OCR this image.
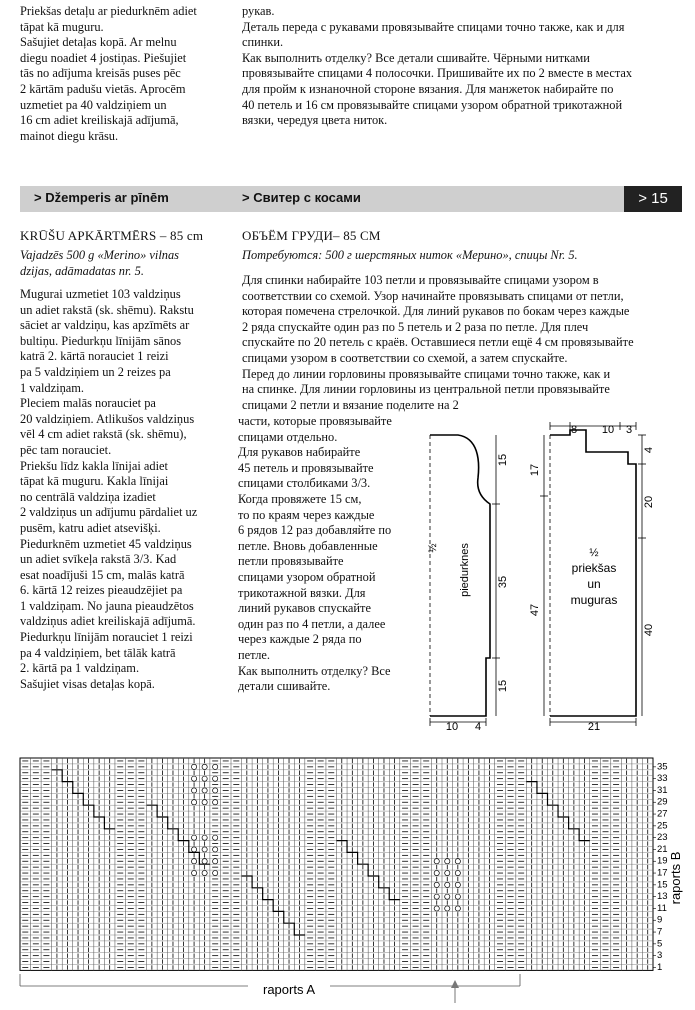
Priekšas detaļu ar piedurknēm adiet
tāpat kā muguru.
Sašujiet detaļas kopā. Ar melnu
diegu noadiet 4 jostiņas. Piešujiet
tās no adījuma kreisās puses pēc
2 kārtām padušu vietās. Aprocēm
uzmetiet pa 40 valdziņiem un
16 cm adiet kreiliskajā adījumā,
mainot diegu krāsu.
рукав.
Деталь переда с рукавами провязывайте спицами точно также, как и для
спинки.
Как выполнить отделку? Все детали сшивайте. Чёрными нитками
провязывайте спицами 4 полосочки. Пришивайте их по 2 вместе в местах
для пройм к изнаночной стороне вязания. Для манжеток набирайте по
40 петель и 16 см провязывайте спицами узором обратной трикотажной
вязки, чередуя цвета ниток.
> Džemperis ar pīnēm	> Свитер с косами	> 15
KRŪŠU APKĀRTMĒRS – 85 cm
Vajadzēs 500 g «Merino» vilnas
dzijas, adāmadatas nr. 5.
Mugurai uzmetiet 103 valdziņus
un adiet rakstā (sk. shēmu). Rakstu
sāciet ar valdziņu, kas apzīmēts ar
bultiņu. Piedurkņu līnijām sānos
katrā 2. kārtā norauciet 1 reizi
pa 5 valdziņiem un 2 reizes pa
1 valdziņam.
Pleciem malās norauciet pa
20 valdziņiem. Atlikušos valdziņus
vēl 4 cm adiet rakstā (sk. shēmu),
pēc tam norauciet.
Priekšu līdz kakla līnijai adiet
tāpat kā muguru. Kakla līnijai
no centrālā valdziņa izadiet
2 valdziņus un adījumu pārdaliet uz
pusēm, katru adiet atsevišķi.
Piedurknēm uzmetiet 45 valdziņus
un adiet svīkeļa rakstā 3/3. Kad
esat noadījuši 15 cm, malās katrā
6. kārtā 12 reizes pieaudzējiet pa
1 valdziņam. No jauna pieaudzētos
valdziņus adiet kreiliskajā adījumā.
Piedurkņu līnijām norauciet 1 reizi
pa 4 valdziņiem, bet tālāk katrā
2. kārtā pa 1 valdziņam.
Sašujiet visas detaļas kopā.
ОБЪЁМ ГРУДИ– 85 СМ
Потребуются: 500 г шерстяных ниток «Мерино», спицы Nr. 5.
Для спинки набирайте 103 петли и провязывайте спицами узором в
соответствии со схемой. Узор начинайте провязывать спицами от петли,
которая помечена стрелочкой. Для линий рукавов по бокам через каждые
2 ряда спускайте один раз по 5 петель и 2 раза по петле. Для плеч
спускайте по 20 петель с краёв. Оставшиеся петли ещё 4 см провязывайте
спицами узором в соответствии со схемой, а затем спускайте.
Перед до линии горловины провязывайте спицами точно также, как и
на спинке. Для линии горловины из центральной петли провязывайте
спицами 2 петли и вязание поделите на 2
части, которые провязывайте
спицами отдельно.
Для рукавов набирайте
45 петель и провязывайте
спицами столбиками 3/3.
Когда провяжете 15 см,
то по краям через каждые
6 рядов 12 раз добавляйте по
петле. Вновь добавленные
петли провязывайте
спицами узором обратной
трикотажной вязки. Для
линий рукавов спускайте
один раз по 4 петли, а далее
через каждые 2 ряда по
петле.
Как выполнить отделку? Все
детали сшивайте.
15
35
15
½ piedurknes
10 4
8 10 3
4
20
40
17
47
½
priekšas
un
muguras
21
35
33
31
29
27
25
23
21
19
17
15
13
11
9
7
5
3
1
raports A
raports B
